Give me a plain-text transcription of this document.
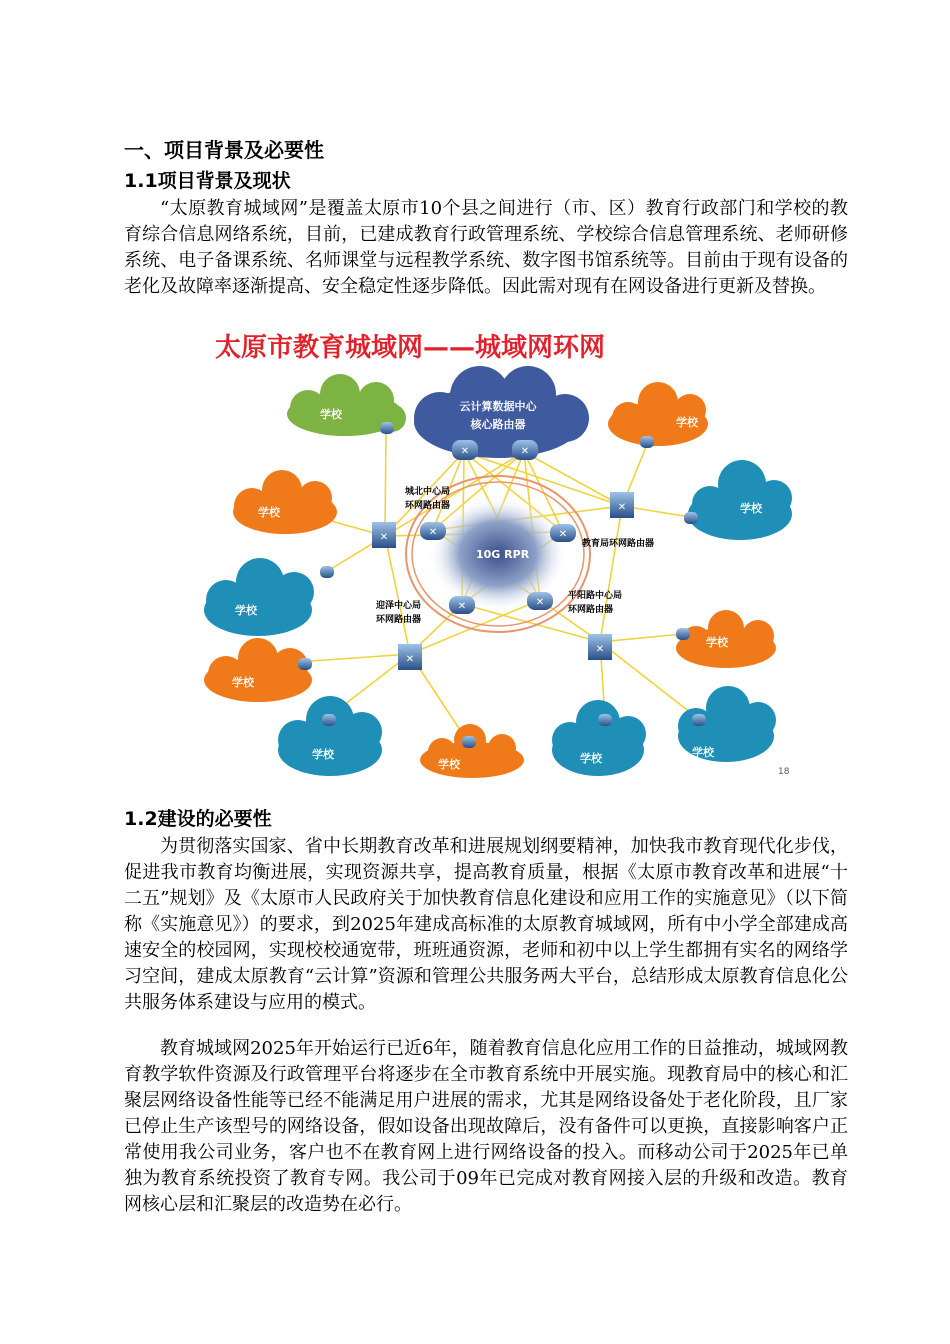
一、项目背景及必要性
1.1项目背景及现状

“太原教育城域网”是覆盖太原市10个县之间进行（市、区）教育行政部门和学校的教育综合信息网络系统，目前，已建成教育行政管理系统、学校综合信息管理系统、老师研修系统、电子备课系统、名师课堂与远程教学系统、数字图书馆系统等。目前由于现有设备的老化及故障率逐渐提高、安全稳定性逐步降低。因此需对现有在网设备进行更新及替换。

太原市教育城域网——城域网环网
10G RPR
云计算数据中心
核心路由器
✕	✕
✕	✕
✕	✕
✕
✕
✕
✕
城北中心局
环网路由器
教育局环网路由器
迎泽中心局
环网路由器
平阳路中心局
环网路由器
学校
学校
学校
学校
学校
学校	学校	学校
学校
学校
学校
18
1.2建设的必要性

为贯彻落实国家、省中长期教育改革和进展规划纲要精神，加快我市教育现代化步伐，促进我市教育均衡进展，实现资源共享，提高教育质量，根据《太原市教育改革和进展“十二五”规划》及《太原市人民政府关于加快教育信息化建设和应用工作的实施意见》（以下简称《实施意见》）的要求，到2025年建成高标准的太原教育城域网，所有中小学全部建成高速安全的校园网，实现校校通宽带，班班通资源，老师和初中以上学生都拥有实名的网络学习空间，建成太原教育“云计算”资源和管理公共服务两大平台，总结形成太原教育信息化公共服务体系建设与应用的模式。

教育城域网2025年开始运行已近6年，随着教育信息化应用工作的日益推动，城域网教育教学软件资源及行政管理平台将逐步在全市教育系统中开展实施。现教育局中的核心和汇聚层网络设备性能等已经不能满足用户进展的需求，尤其是网络设备处于老化阶段，且厂家已停止生产该型号的网络设备，假如设备出现故障后，没有备件可以更换，直接影响客户正常使用我公司业务，客户也不在教育网上进行网络设备的投入。而移动公司于2025年已单独为教育系统投资了教育专网。我公司于09年已完成对教育网接入层的升级和改造。教育网核心层和汇聚层的改造势在必行。
